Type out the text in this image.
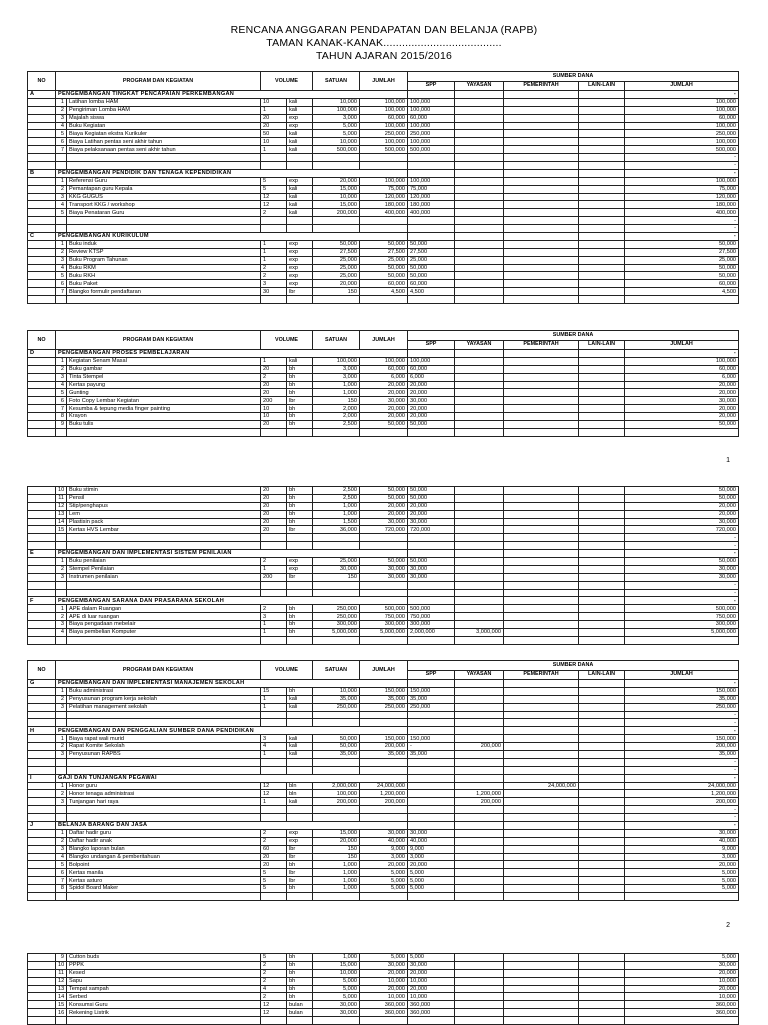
RENCANA ANGGARAN PENDAPATAN DAN BELANJA (RAPB)
TAMAN KANAK-KANAK......................................
TAHUN AJARAN 2015/2016
NO	PROGRAM DAN KEGIATAN		VOLUME		SATUAN	JUMLAH	SUMBER DANA				
							SPP	YAYASAN	PEMERINTAH	LAIN-LAIN	JUMLAH
A	PENGEMBANGAN TINGKAT PENCAPAIAN PERKEMBANGAN										-
	1	Latihan lomba HAM	10	kali	10,000	100,000	100,000				100,000
	2	Pengiriman Lomba HAM	1	kali	100,000	100,000	100,000				100,000
	3	Majalah siswa	20	exp	3,000	60,000	60,000				60,000
	4	Buku Kegiatan	20	exp	5,000	100,000	100,000				100,000
	5	Biaya Kegiatan ekstra Kurikuler	50	kali	5,000	250,000	250,000				250,000
	6	Biaya Latihan pentas seni akhir tahun	10	kali	10,000	100,000	100,000				100,000
	7	Biaya pelaksanaan pentas seni akhir tahun	1	kali	500,000	500,000	500,000				500,000
											-
											-
B	PENGEMBANGAN PENDIDIK DAN TENAGA KEPENDIDIKAN										-
	1	Referensi Guru	5	exp	20,000	100,000	100,000				100,000
	2	Pemantapan guru Kepala	5	kali	15,000	75,000	75,000				75,000
	3	KKG GUGUS	12	kali	10,000	120,000	120,000				120,000
	4	Transport KKG / workshop	12	kali	15,000	180,000	180,000				180,000
	5	Biaya Penataran Guru	2	kali	200,000	400,000	400,000				400,000
											-
											-
C	PENGEMBANGAN KURIKULUM										-
	1	Buku induk	1	exp	50,000	50,000	50,000				50,000
	2	Review KTSP	1	exp	27,500	27,500	27,500				27,500
	3	Buku Program Tahunan	1	exp	25,000	25,000	25,000				25,000
	4	Buku RKM	2	exp	25,000	50,000	50,000				50,000
	5	Buku RKH	2	exp	25,000	50,000	50,000				50,000
	6	Buku Paket	3	exp	20,000	60,000	60,000				60,000
	7	Blangko formulir pendaftaran	30	lbr	150	4,500	4,500				4,500

NO	PROGRAM DAN KEGIATAN		VOLUME		SATUAN	JUMLAH	SUMBER DANA				
							SPP	YAYASAN	PEMERINTAH	LAIN-LAIN	JUMLAH
D	PENGEMBANGAN PROSES PEMBELAJARAN										-
	1	Kegiatan Senam Masal	1	kali	100,000	100,000	100,000				100,000
	2	Buku gambar	20	bh	3,000	60,000	60,000				60,000
	3	Tinta Stempel	2	bh	3,000	6,000	6,000				6,000
	4	Kertas payung	20	bh	1,000	20,000	20,000				20,000
	5	Gunting	20	bh	1,000	20,000	20,000				20,000
	6	Foto Copy Lembar Kegiatan	200	lbr	150	30,000	30,000				30,000
	7	Kesumba & tepung media finger painting	10	bh	2,000	20,000	20,000				20,000
	8	Krayon	10	bh	2,000	20,000	20,000				20,000
	9	Buku tulis	20	bh	2,500	50,000	50,000				50,000

	10	Buku stimin	20	bh	2,500	50,000	50,000				50,000
	11	Pensil	20	bh	2,500	50,000	50,000				50,000
	12	Stip/penghapus	20	bh	1,000	20,000	20,000				20,000
	13	Lem	20	bh	1,000	20,000	20,000				20,000
	14	Plastisin pack	20	bh	1,500	30,000	30,000				30,000
	15	Kertas HVS Lembar	20	lbr	36,000	720,000	720,000				720,000
											-
											-
E	PENGEMBANGAN DAN IMPLEMENTASI SISTEM PENILAIAN										-
	1	Buku penilaian	2	exp	25,000	50,000	50,000				50,000
	2	Stempel Penilaian	1	exp	30,000	30,000	30,000				30,000
	3	Instrumen penilaian	200	lbr	150	30,000	30,000				30,000
											-
											-
F	PENGEMBANGAN SARANA DAN PRASARANA SEKOLAH										-
	1	APE dalam Ruangan	2	bh	250,000	500,000	500,000				500,000
	2	APE di luar ruangan	3	bh	250,000	750,000	750,000				750,000
	3	Biaya pengadaan mebelair	1	bh	300,000	300,000	300,000				300,000
	4	Biaya pembelian Komputer	1	bh	5,000,000	5,000,000	2,000,000	3,000,000			5,000,000

NO	PROGRAM DAN KEGIATAN		VOLUME		SATUAN	JUMLAH	SUMBER DANA				
							SPP	YAYASAN	PEMERINTAH	LAIN-LAIN	JUMLAH
G	PENGEMBANGAN DAN IMPLEMENTASI MANAJEMEN SEKOLAH										-
	1	Buku administrasi	15	bh	10,000	150,000	150,000				150,000
	2	Penyusunan program kerja sekolah	1	kali	35,000	35,000	35,000				35,000
	3	Pelatihan management sekolah	1	kali	250,000	250,000	250,000				250,000
											-
											-
H	PENGEMBANGAN DAN PENGGALIAN SUMBER DANA PENDIDIKAN										-
	1	Biaya rapat wali murid	3	kali	50,000	150,000	150,000				150,000
	2	Rapat Komite Sekolah	4	kali	50,000	200,000	-	200,000			200,000
	3	Penyusunan RAPBS	1	kali	35,000	35,000	35,000				35,000
											-
											-
I	GAJI DAN TUNJANGAN PEGAWAI										-
	1	Honor guru	12	bln	2,000,000	24,000,000			24,000,000		24,000,000
	2	Honor tenaga administrasi	12	bln	100,000	1,200,000		1,200,000			1,200,000
	3	Tunjangan hari raya	1	kali	200,000	200,000		200,000			200,000
											-
											-
J	BELANJA BARANG DAN JASA										-
	1	Daftar hadir guru	2	exp	15,000	30,000	30,000				30,000
	2	Daftar hadir anak	2	exp	20,000	40,000	40,000				40,000
	3	Blangko laporan bulan	60	lbr	150	9,000	9,000				9,000
	4	Blangko undangan & pemberitahuan	20	lbr	150	3,000	3,000				3,000
	5	Bolpoint	20	bh	1,000	20,000	20,000				20,000
	6	Kertas manila	5	lbr	1,000	5,000	5,000				5,000
	7	Kertas asturo	5	lbr	1,000	5,000	5,000				5,000
	8	Spidol Board Maker	5	bh	1,000	5,000	5,000				5,000

	9	Cutton buds	5	bh	1,000	5,000	5,000				5,000
	10	PPPK	2	bh	15,000	30,000	30,000				30,000
	11	Kesed	2	bh	10,000	20,000	20,000				20,000
	12	Sapu	2	bh	5,000	10,000	10,000				10,000
	13	Tempat sampah	4	bh	5,000	20,000	20,000				20,000
	14	Serbed	2	bh	5,000	10,000	10,000				10,000
	15	Konsumsi Guru	12	bulan	30,000	360,000	360,000				360,000
	16	Rekening Listrik	12	bulan	30,000	360,000	360,000				360,000

1
2
